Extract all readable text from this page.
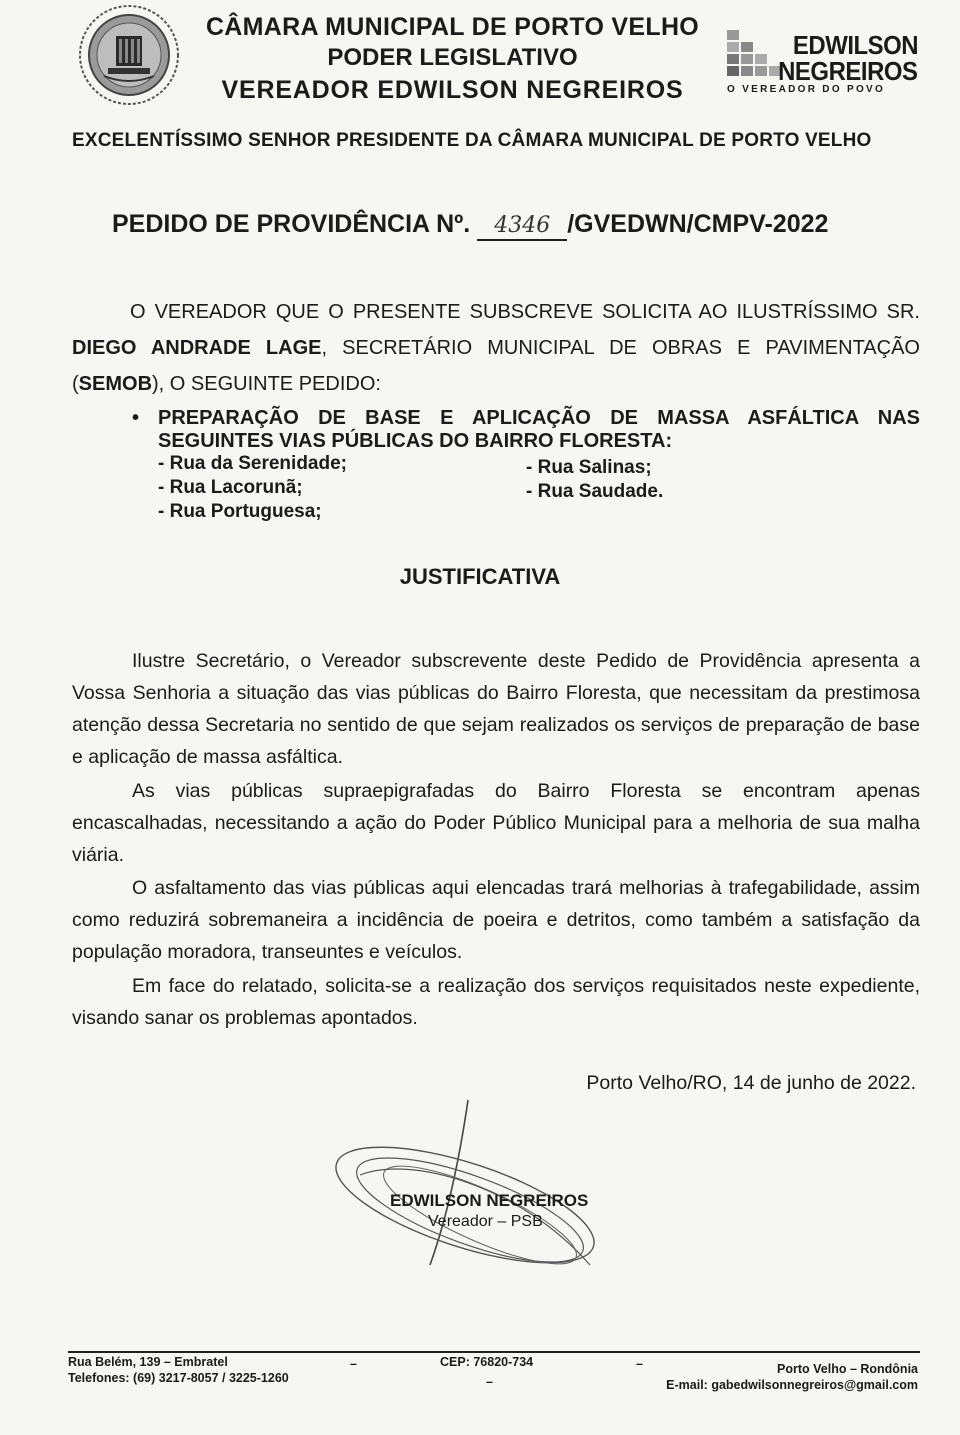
CÂMARA MUNICIPAL DE PORTO VELHO
PODER LEGISLATIVO
VEREADOR EDWILSON NEGREIROS
EDWILSON
NEGREIROS
O VEREADOR DO POVO
EXCELENTÍSSIMO SENHOR PRESIDENTE DA CÂMARA MUNICIPAL DE PORTO VELHO
PEDIDO DE PROVIDÊNCIA Nº. 4346 /GVEDWN/CMPV-2022
O VEREADOR QUE O PRESENTE SUBSCREVE SOLICITA AO ILUSTRÍSSIMO SR. DIEGO ANDRADE LAGE, SECRETÁRIO MUNICIPAL DE OBRAS E PAVIMENTAÇÃO (SEMOB), O SEGUINTE PEDIDO:
• PREPARAÇÃO DE BASE E APLICAÇÃO DE MASSA ASFÁLTICA NAS SEGUINTES VIAS PÚBLICAS DO BAIRRO FLORESTA:
- Rua da Serenidade;
- Rua Lacorunã;
- Rua Portuguesa;
- Rua Salinas;
- Rua Saudade.
JUSTIFICATIVA
Ilustre Secretário, o Vereador subscrevente deste Pedido de Providência apresenta a Vossa Senhoria a situação das vias públicas do Bairro Floresta, que necessitam da prestimosa atenção dessa Secretaria no sentido de que sejam realizados os serviços de preparação de base e aplicação de massa asfáltica.
As vias públicas supraepigrafadas do Bairro Floresta se encontram apenas encascalhadas, necessitando a ação do Poder Público Municipal para a melhoria de sua malha viária.
O asfaltamento das vias públicas aqui elencadas trará melhorias à trafegabilidade, assim como reduzirá sobremaneira a incidência de poeira e detritos, como também a satisfação da população moradora, transeuntes e veículos.
Em face do relatado, solicita-se a realização dos serviços requisitados neste expediente, visando sanar os problemas apontados.
Porto Velho/RO, 14 de junho de 2022.
EDWILSON NEGREIROS
Vereador – PSB
Rua Belém, 139 – Embratel
Telefones: (69) 3217-8057 / 3225-1260
–	CEP: 76820-734
–
–	Porto Velho – Rondônia
E-mail: gabedwilsonnegreiros@gmail.com
